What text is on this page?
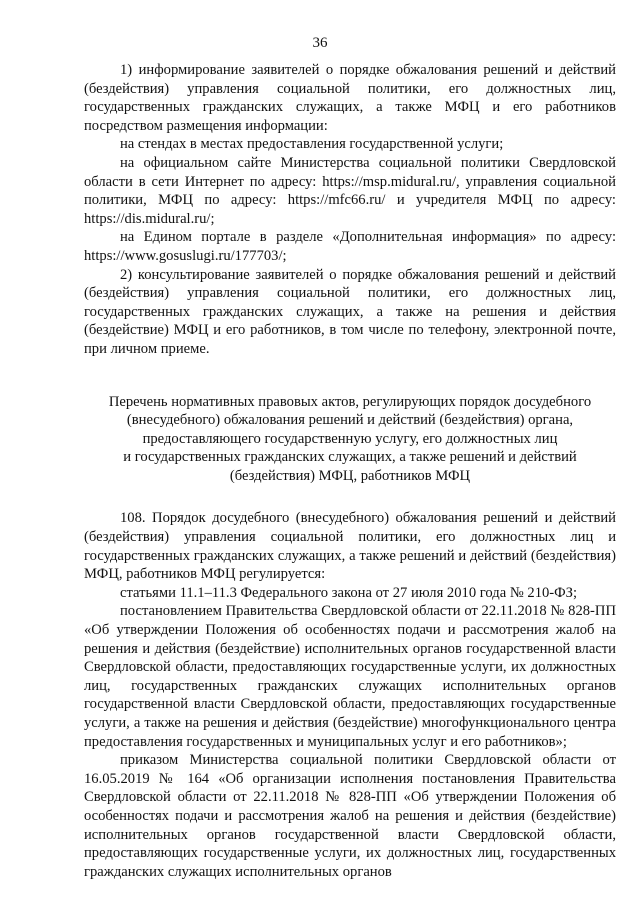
36

1) информирование заявителей о порядке обжалования решений и действий (бездействия) управления социальной политики, его должностных лиц, государственных гражданских служащих, а также МФЦ и его работников посредством размещения информации:

на стендах в местах предоставления государственной услуги;

на официальном сайте Министерства социальной политики Свердловской области в сети Интернет по адресу: https://msp.midural.ru/, управления социальной политики, МФЦ по адресу: https://mfc66.ru/ и учредителя МФЦ по адресу: https://dis.midural.ru/;

на Едином портале в разделе «Дополнительная информация» по адресу: https://www.gosuslugi.ru/177703/;

2) консультирование заявителей о порядке обжалования решений и действий (бездействия) управления социальной политики, его должностных лиц, государственных гражданских служащих, а также на решения и действия (бездействие) МФЦ и его работников, в том числе по телефону, электронной почте, при личном приеме.

Перечень нормативных правовых актов, регулирующих порядок досудебного
(внесудебного) обжалования решений и действий (бездействия) органа,
предоставляющего государственную услугу, его должностных лиц
и государственных гражданских служащих, а также решений и действий
(бездействия) МФЦ, работников МФЦ

108. Порядок досудебного (внесудебного) обжалования решений и действий (бездействия) управления социальной политики, его должностных лиц и государственных гражданских служащих, а также решений и действий (бездействия) МФЦ, работников МФЦ регулируется:

статьями 11.1–11.3 Федерального закона от 27 июля 2010 года № 210-ФЗ;

постановлением Правительства Свердловской области от 22.11.2018 № 828-ПП «Об утверждении Положения об особенностях подачи и рассмотрения жалоб на решения и действия (бездействие) исполнительных органов государственной власти Свердловской области, предоставляющих государственные услуги, их должностных лиц, государственных гражданских служащих исполнительных органов государственной власти Свердловской области, предоставляющих государственные услуги, а также на решения и действия (бездействие) многофункционального центра предоставления государственных и муниципальных услуг и его работников»;

приказом Министерства социальной политики Свердловской области от 16.05.2019 № 164 «Об организации исполнения постановления Правительства Свердловской области от 22.11.2018 № 828-ПП «Об утверждении Положения об особенностях подачи и рассмотрения жалоб на решения и действия (бездействие) исполнительных органов государственной власти Свердловской области, предоставляющих государственные услуги, их должностных лиц, государственных гражданских служащих исполнительных органов
